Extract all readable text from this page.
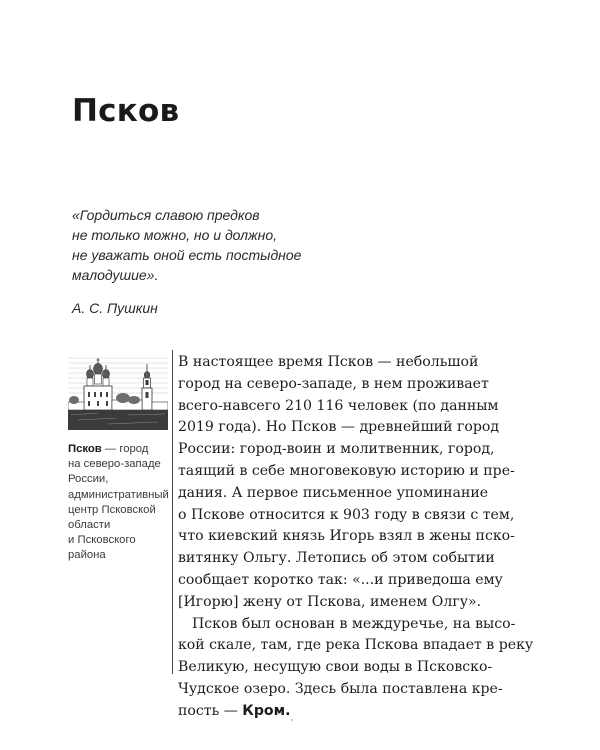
Псков
«Гордиться славою предков
не только можно, но и должно,
не уважать оной есть постыдное
малодушие».
А. С. Пушкин
Псков — город
на северо-западе
России,
административный
центр Псковской
области
и Псковского
района
В настоящее время Псков — небольшой
город на северо-западе, в нем проживает
всего-навсего 210 116 человек (по данным
2019 года). Но Псков — древнейший город
России: город-воин и молитвенник, город,
таящий в себе многовековую историю и пре-
дания. А первое письменное упоминание
о Пскове относится к 903 году в связи с тем,
что киевский князь Игорь взял в жены пско-
витянку Ольгу. Летопись об этом событии
сообщает коротко так: «...и приведоша ему
[Игорю] жену от Пскова, именем Олгу».
Псков был основан в междуречье, на высо-
кой скале, там, где река Псковa впадает в реку
Великую, несущую свои воды в Псковско-
Чудское озеро. Здесь была поставлена кре-
пость — Кром.
